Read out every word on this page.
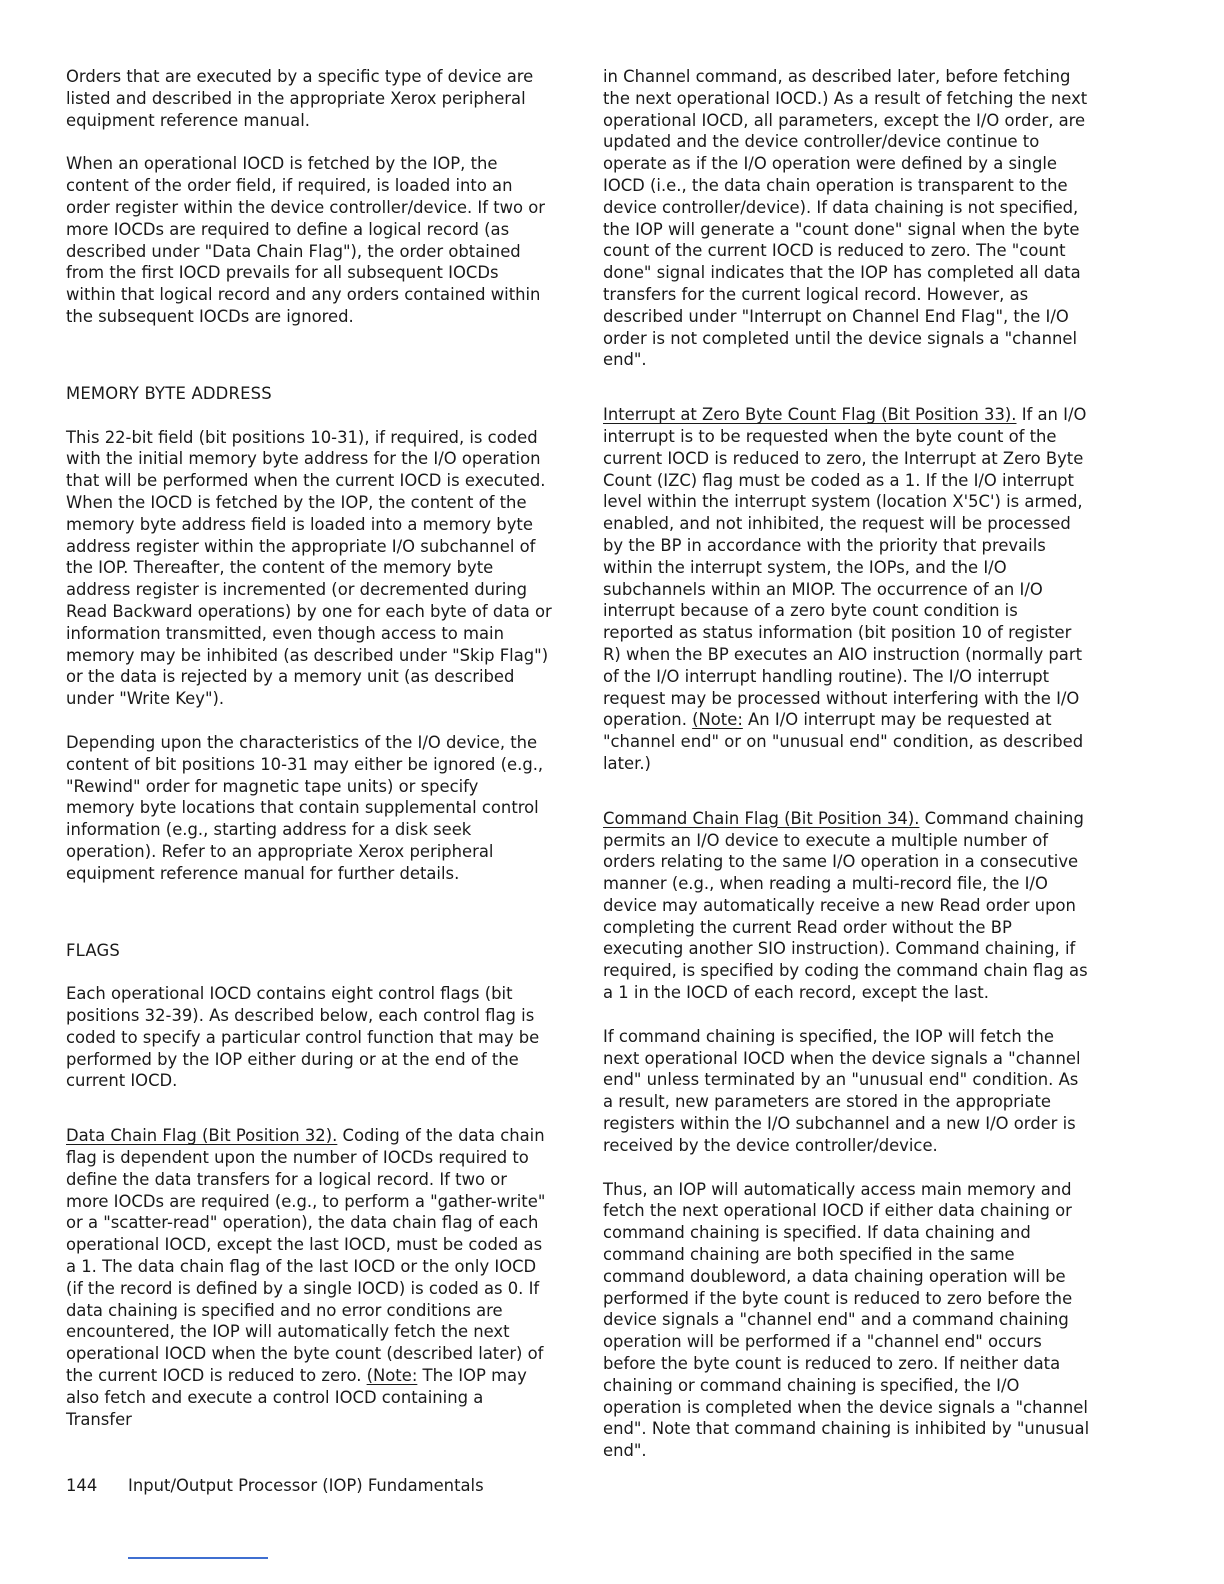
Orders that are executed by a specific type of device are listed and described in the appropriate Xerox peripheral equipment reference manual.

When an operational IOCD is fetched by the IOP, the content of the order field, if required, is loaded into an order register within the device controller/device. If two or more IOCDs are required to define a logical record (as described under "Data Chain Flag"), the order obtained from the first IOCD prevails for all subsequent IOCDs within that logical record and any orders contained within the subsequent IOCDs are ignored.

MEMORY BYTE ADDRESS

This 22-bit field (bit positions 10-31), if required, is coded with the initial memory byte address for the I/O operation that will be performed when the current IOCD is executed. When the IOCD is fetched by the IOP, the content of the memory byte address field is loaded into a memory byte address register within the appropriate I/O subchannel of the IOP. Thereafter, the content of the memory byte address register is incremented (or decremented during Read Backward operations) by one for each byte of data or information transmitted, even though access to main memory may be inhibited (as described under "Skip Flag") or the data is rejected by a memory unit (as described under "Write Key").

Depending upon the characteristics of the I/O device, the content of bit positions 10-31 may either be ignored (e.g., "Rewind" order for magnetic tape units) or specify memory byte locations that contain supplemental control information (e.g., starting address for a disk seek operation). Refer to an appropriate Xerox peripheral equipment reference manual for further details.

FLAGS

Each operational IOCD contains eight control flags (bit positions 32-39). As described below, each control flag is coded to specify a particular control function that may be performed by the IOP either during or at the end of the current IOCD.

Data Chain Flag (Bit Position 32). Coding of the data chain flag is dependent upon the number of IOCDs required to define the data transfers for a logical record. If two or more IOCDs are required (e.g., to perform a "gather-write" or a "scatter-read" operation), the data chain flag of each operational IOCD, except the last IOCD, must be coded as a 1. The data chain flag of the last IOCD or the only IOCD (if the record is defined by a single IOCD) is coded as 0. If data chaining is specified and no error conditions are encountered, the IOP will automatically fetch the next operational IOCD when the byte count (described later) of the current IOCD is reduced to zero. (Note: The IOP may also fetch and execute a control IOCD containing a Transfer

in Channel command, as described later, before fetching the next operational IOCD.) As a result of fetching the next operational IOCD, all parameters, except the I/O order, are updated and the device controller/device continue to operate as if the I/O operation were defined by a single IOCD (i.e., the data chain operation is transparent to the device controller/device). If data chaining is not specified, the IOP will generate a "count done" signal when the byte count of the current IOCD is reduced to zero. The "count done" signal indicates that the IOP has completed all data transfers for the current logical record. However, as described under "Interrupt on Channel End Flag", the I/O order is not completed until the device signals a "channel end".

Interrupt at Zero Byte Count Flag (Bit Position 33). If an I/O interrupt is to be requested when the byte count of the current IOCD is reduced to zero, the Interrupt at Zero Byte Count (IZC) flag must be coded as a 1. If the I/O interrupt level within the interrupt system (location X'5C') is armed, enabled, and not inhibited, the request will be processed by the BP in accordance with the priority that prevails within the interrupt system, the IOPs, and the I/O subchannels within an MIOP. The occurrence of an I/O interrupt because of a zero byte count condition is reported as status information (bit position 10 of register R) when the BP executes an AIO instruction (normally part of the I/O interrupt handling routine). The I/O interrupt request may be processed without interfering with the I/O operation. (Note: An I/O interrupt may be requested at "channel end" or on "unusual end" condition, as described later.)

Command Chain Flag (Bit Position 34). Command chaining permits an I/O device to execute a multiple number of orders relating to the same I/O operation in a consecutive manner (e.g., when reading a multi-record file, the I/O device may automatically receive a new Read order upon completing the current Read order without the BP executing another SIO instruction). Command chaining, if required, is specified by coding the command chain flag as a 1 in the IOCD of each record, except the last.

If command chaining is specified, the IOP will fetch the next operational IOCD when the device signals a "channel end" unless terminated by an "unusual end" condition. As a result, new parameters are stored in the appropriate registers within the I/O subchannel and a new I/O order is received by the device controller/device.

Thus, an IOP will automatically access main memory and fetch the next operational IOCD if either data chaining or command chaining is specified. If data chaining and command chaining are both specified in the same command doubleword, a data chaining operation will be performed if the byte count is reduced to zero before the device signals a "channel end" and a command chaining operation will be performed if a "channel end" occurs before the byte count is reduced to zero. If neither data chaining or command chaining is specified, the I/O operation is completed when the device signals a "channel end". Note that command chaining is inhibited by "unusual end".

144 Input/Output Processor (IOP) Fundamentals
